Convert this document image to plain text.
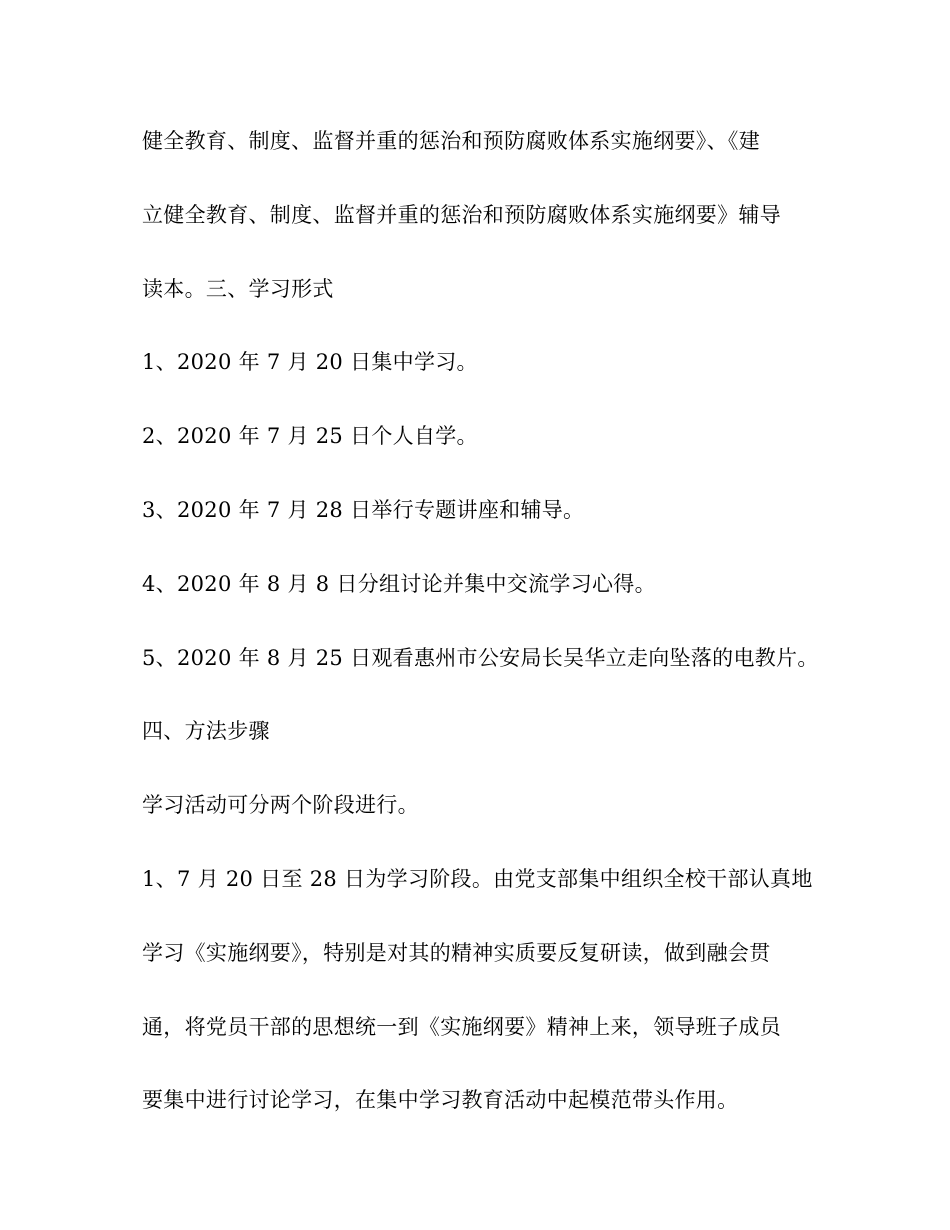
健全教育、制度、监督并重的惩治和预防腐败体系实施纲要》、《建
立健全教育、制度、监督并重的惩治和预防腐败体系实施纲要》辅导
读本。三、学习形式
1、2020 年 7 月 20 日集中学习。
2、2020 年 7 月 25 日个人自学。
3、2020 年 7 月 28 日举行专题讲座和辅导。
4、2020 年 8 月 8 日分组讨论并集中交流学习心得。
5、2020 年 8 月 25 日观看惠州市公安局长吴华立走向坠落的电教片。
四、方法步骤
学习活动可分两个阶段进行。
1、7 月 20 日至 28 日为学习阶段。由党支部集中组织全校干部认真地
学习《实施纲要》，特别是对其的精神实质要反复研读，做到融会贯
通，将党员干部的思想统一到《实施纲要》精神上来，领导班子成员
要集中进行讨论学习，在集中学习教育活动中起模范带头作用。
